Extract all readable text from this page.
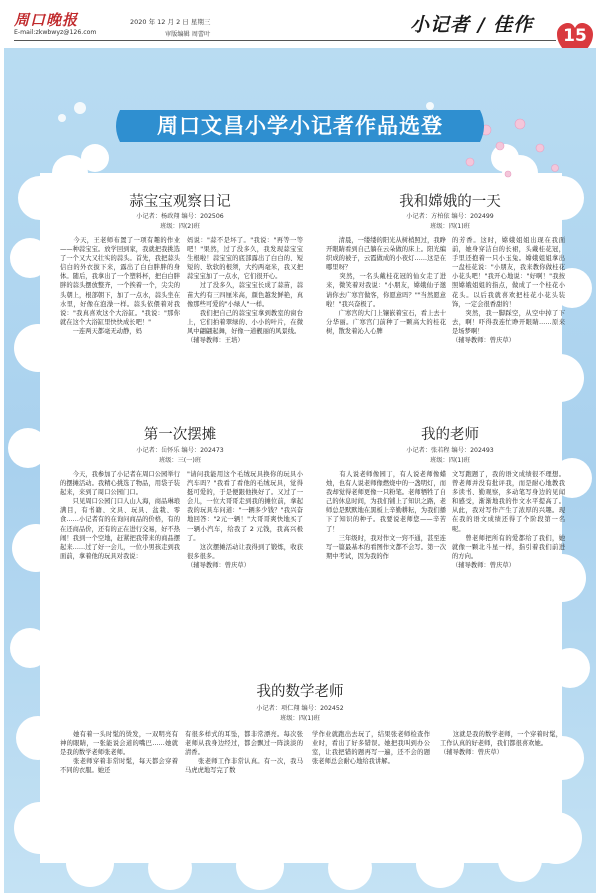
周口晚报
E-mail:zkwbwyz@126.com
2020 年 12 月 2 日 星期三
审版编辑 周蕾叶	小记者 / 佳作	15
周口文昌小学小记者作品选登
蒜宝宝观察日记
小记者：杨政翔 编号：202506
班级：四(2)班
　　今天，王老师布置了一项有趣的作业——种蒜宝宝。放学回到家，我就把我挑选了一个又大又壮实的蒜头。首先，我把蒜头信白的外衣拔下来，露出了白白胖胖的身体。随后，我拿出了一个塑料杯，把白白胖胖的蒜头摆放整齐，一个挨着一个，尖尖的头朝上，根部朝下，加了一点水，蒜头坐在水里，好像在泡澡一样。蒜头依偎着对我说："我真喜欢这个大浴缸。"我说："那你就在这个大浴缸里快快成长吧！"
　　一连两天都毫无动静，妈
妈说："蒜不是坏了。"我说："再等一等吧！"果然，过了没多久，我发现蒜宝宝生根啦！蒜宝宝的底部露出了白白的、短短的、软软的根须，大约两毫米，我又把蒜宝宝加了一点水，它们很开心。
　　过了没多久，蒜宝宝长成了蒜苗，蒜苗大约有三四厘米高，颜色越发鲜艳，真像那些可爱的"小绿人"一样。
　　我们把自己的蒜宝宝拿到教室的窗台上，它们拍着翠绿的、小小的叶片，在微风中翩翩起舞，好像一道靓丽的风景线。
（辅导教师：王培）
我和嫦娥的一天
小记者：方柏依 编号：202499
班级：四(1)班
　　清晨，一缕缕的阳光从树梢照过，我睁开眼睛看到自己躺在云朵做的床上。阳光编织成的被子，云霞做成的小夜灯……这是在哪里呀？
　　突然，一名头戴桂花冠的仙女走了进来，微笑着对我说："小朋友，嫦娥仙子邀请你去广寒宫做客，你愿意吗？""当然愿意啦！"我兴奋极了。
　　广寒宫的大门上镶嵌着宝石，看上去十分华丽。广寒宫门前种了一颗高大的桂花树，散发着沁人心脾
的芳香。这时，嫦娥姐姐出现在我面前，她身穿洁白的长裙，头戴桂花冠，手里还抱着一只小玉兔。嫦娥姐姐拿出一盘桂花说："小朋友，我来教你做桂花小花头吧！"我开心地说："好啊！"我按照嫦娥姐姐的指点，做成了一个桂花小花头。以后我就喜欢把桂花小花头装饰，一定会很香甜的！
　　突然，我一脚踩空，从空中掉了下去，啊！吓得我连忙睁开眼睛……原来是场梦啊！
（辅导教师：曾庆草）
第一次摆摊
小记者：岳怀乐 编号：202473
班级：三(一)班
　　今天，我参加了小记者在周口公园举行的摆摊活动。我精心挑选了物品，用袋子装起来，来到了周口公园门口。
　　只见周口公园门口人山人海，商品琳琅满目，有书籍、文具、玩具、盆栽、零食……小记者有的在询问商品的价格，有的在还商品价，还有的正在进行交易，好不热闹！我到一个空地，赶紧把我带来的商品摆起来……过了好一会儿，一位小男孩走到我面前，拿着他的玩具对我说：
"请问我能用这个毛绒玩具换你的玩具小汽车吗？"我看了看他的毛绒玩具，觉得挺可爱的，于是便跟他换好了。又过了一会儿，一位大哥哥走到我的摊位前，拿起我的玩具车问道："一辆多少钱？"我兴奋地回答："2元一辆！"大哥哥爽快地买了一辆小汽车，给我了 2 元钱，我高兴极了。
　　这次摆摊活动让我得到了锻炼，收获很多很多。
（辅导教师：曾庆草）
我的老师
小记者：张若程 编号：202493
班级：四(1)班
　　有人说老师像园丁，有人说老师像蜡烛，也有人说老师像燃烧中的一盏明灯，而我却觉得老师更像一只粉笔。老师牺牲了自己的休息时间，为我们铺上了知识之路，老师总是默默地在黑板上辛勤耕耘，为我们播下了知识的种子。我要说老师您——辛苦了！
　　三年级时，我对作文一窍不通，甚至连写一篇最基本的看图作文都不会写。第一次期中考试，因为我的作
文写跑题了，我的语文成绩很不理想。曾老师并没有批评我，而是耐心地教我多读书、勤观察，多动笔写身边的见闻和感受，渐渐地我的作文水平提高了。从此，我对写作产生了浓厚的兴趣。现在我的语文成绩还得了个阶段第一名呢。
　　曾老师把所有的爱都给了我们，她就像一颗北斗星一样，指引着我们前进的方向。
（辅导教师：曾庆草）
我的数学老师
小记者：项仁翔 编号：202452
班级：四(1)班
　　她有着一头时髦的烫发，一双明亮有神的眼睛，一张能说会道的嘴巴……她就是我的数学老师张老师。
　　张老师穿着非常时髦，每天都会穿着不同的衣服。她还
有很多样式的耳坠，都非常漂亮。每次张老师从我身边经过，都会飘过一阵淡淡的清香。
　　张老师工作非常认真。有一次，我马马虎虎地写完了数
学作业就跑出去玩了，结果张老师检查作业时，看出了好多错误。她把我叫到办公室，让我把错的题再写一遍，还不会的题张老师总会耐心地给我讲解。
　　这就是我的数学老师，一个穿着时髦，工作认真的好老师，我们都很喜欢她。
（辅导教师：曾庆草）
